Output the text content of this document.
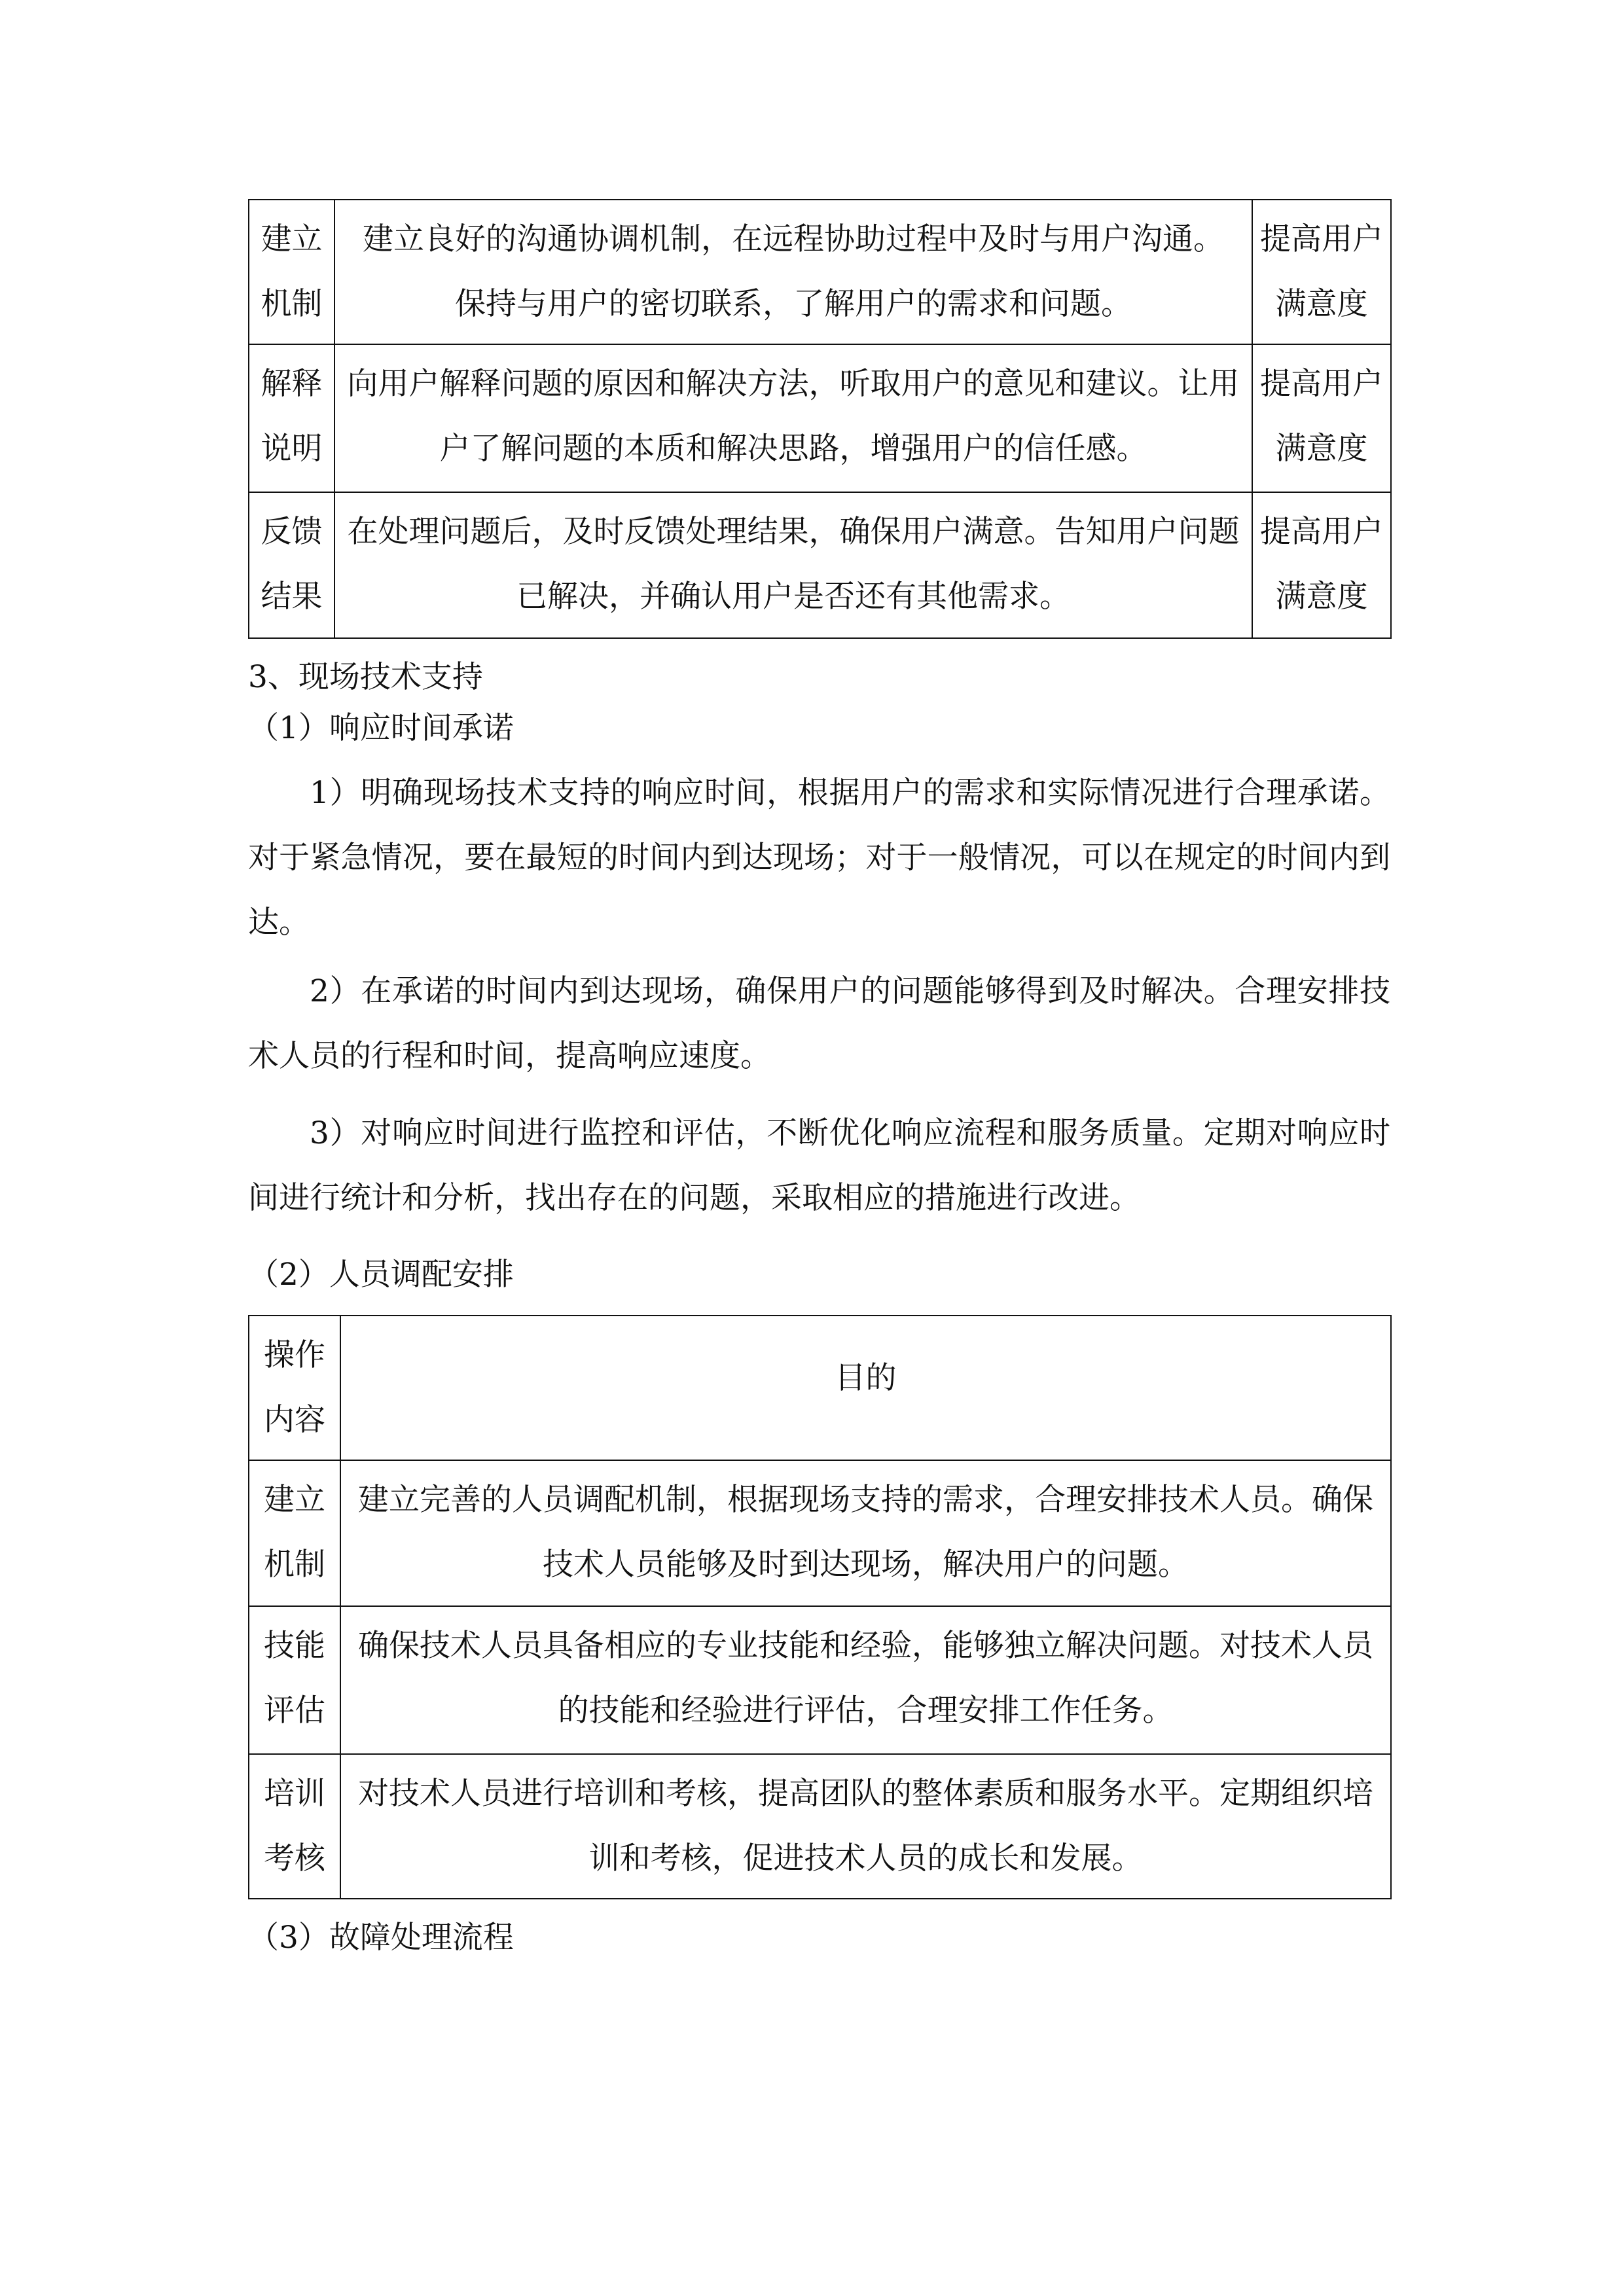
建立机制	建立良好的沟通协调机制，在远程协助过程中及时与用户沟通。保持与用户的密切联系，了解用户的需求和问题。	提高用户满意度
解释说明	向用户解释问题的原因和解决方法，听取用户的意见和建议。让用户了解问题的本质和解决思路，增强用户的信任感。	提高用户满意度
反馈结果	在处理问题后，及时反馈处理结果，确保用户满意。告知用户问题已解决，并确认用户是否还有其他需求。	提高用户满意度
3、现场技术支持
（1）响应时间承诺
1）明确现场技术支持的响应时间，根据用户的需求和实际情况进行合理承诺。对于紧急情况，要在最短的时间内到达现场；对于一般情况，可以在规定的时间内到达。
2）在承诺的时间内到达现场，确保用户的问题能够得到及时解决。合理安排技术人员的行程和时间，提高响应速度。
3）对响应时间进行监控和评估，不断优化响应流程和服务质量。定期对响应时间进行统计和分析，找出存在的问题，采取相应的措施进行改进。
（2）人员调配安排
操作内容	目的
建立机制	建立完善的人员调配机制，根据现场支持的需求，合理安排技术人员。确保技术人员能够及时到达现场，解决用户的问题。
技能评估	确保技术人员具备相应的专业技能和经验，能够独立解决问题。对技术人员的技能和经验进行评估，合理安排工作任务。
培训考核	对技术人员进行培训和考核，提高团队的整体素质和服务水平。定期组织培训和考核，促进技术人员的成长和发展。
（3）故障处理流程
